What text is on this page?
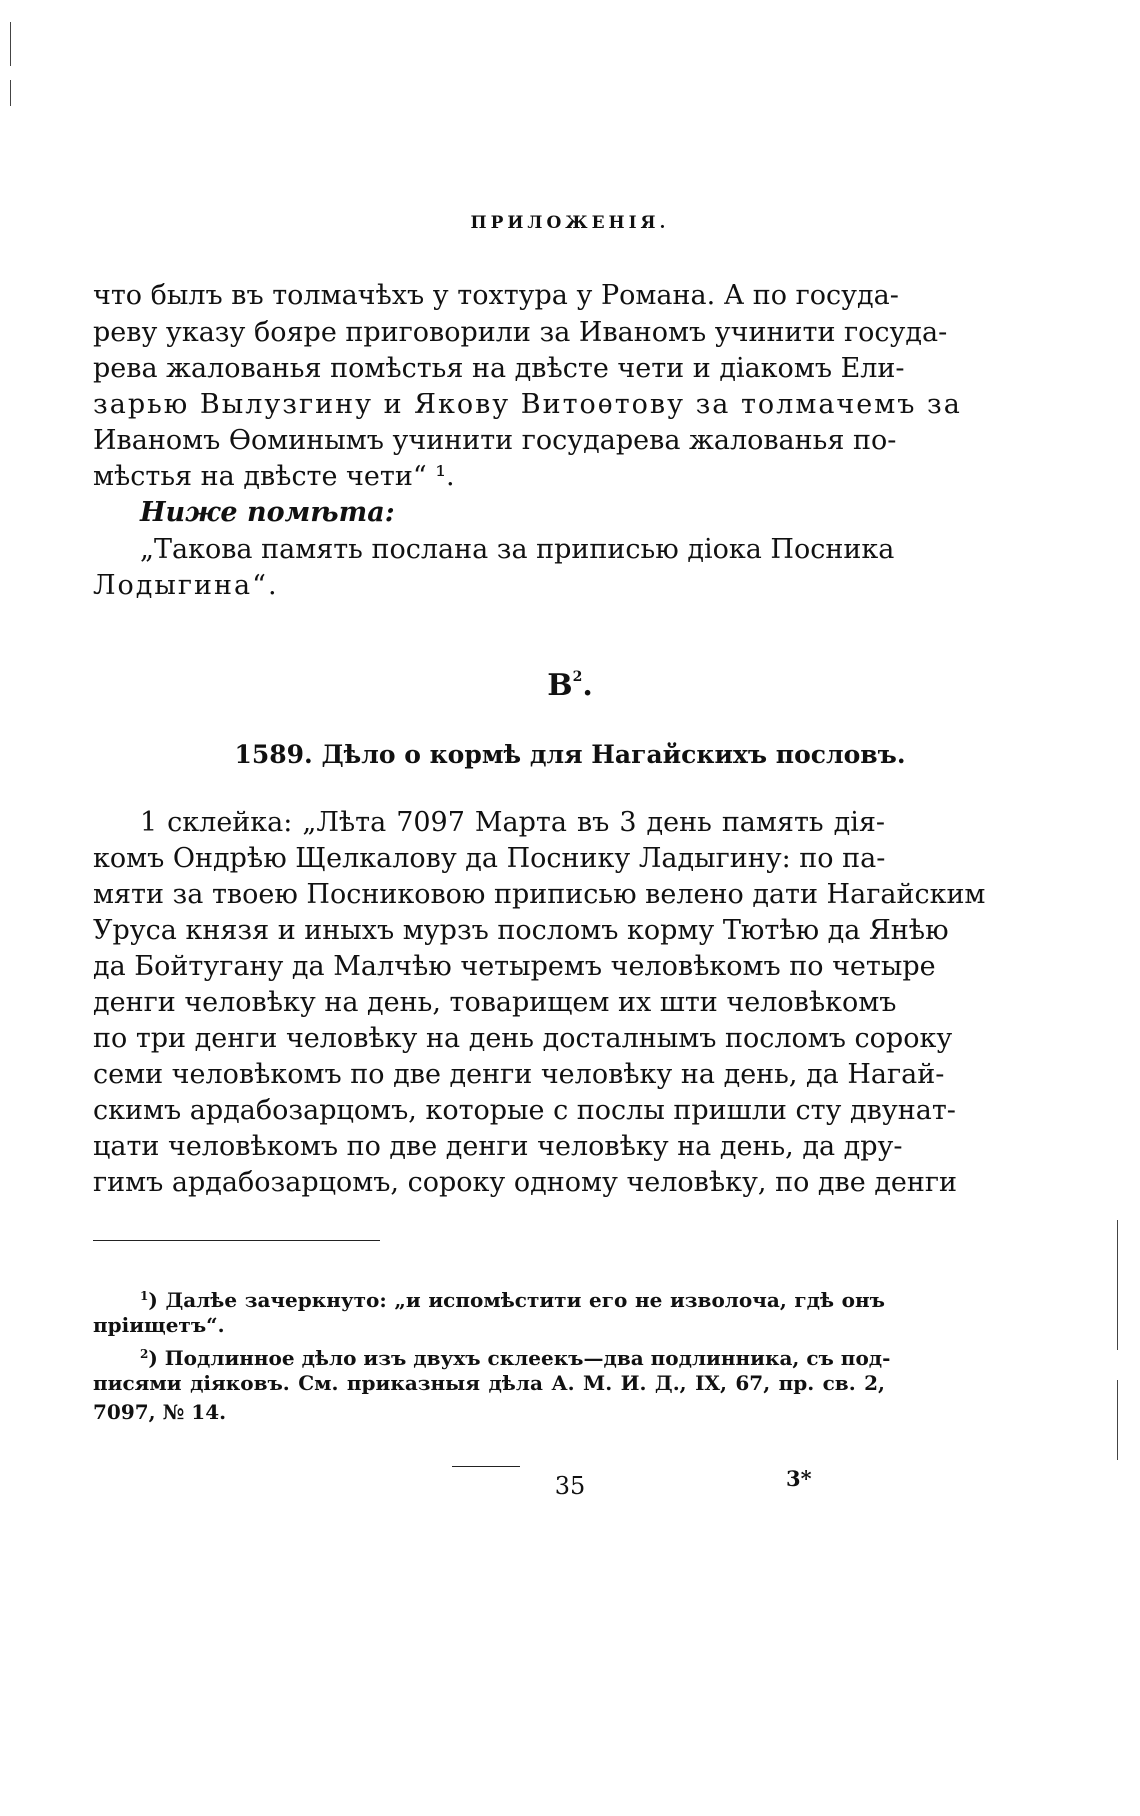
ПРИЛОЖЕНІЯ.
что былъ въ толмачѣхъ у тохтура у Романа. А по госуда-
реву указу бояре приговорили за Иваномъ учинити госуда-
рева жалованья помѣстья на двѣсте чети и діакомъ Ели-
зарью Вылузгину и Якову Витоѳтову за толмачемъ за
Иваномъ Ѳоминымъ учинити государева жалованья по-
мѣстья на двѣсте чети“ ¹.
Ниже помѣта:
„Такова память послана за приписью діока Посника
Лодыгина“.
$В^2$.
1589. Дѣло о кормѣ для Нагайскихъ пословъ.
1 склейка: „Лѣта 7097 Марта въ 3 день память дія-
комъ Ондрѣю Щелкалову да Поснику Ладыгину: по па-
мяти за твоею Посниковою приписью велено дати Нагайским
Уруса князя и иныхъ мурзъ посломъ корму Тютѣю да Янѣю
да Бойтугану да Малчѣю четыремъ человѣкомъ по четыре
денги человѣку на день, товарищем их шти человѣкомъ
по три денги человѣку на день досталнымъ посломъ сороку
семи человѣкомъ по две денги человѣку на день, да Нагай-
скимъ ардабозарцомъ, которые с послы пришли сту двунат-
цати человѣкомъ по две денги человѣку на день, да дру-
гимъ ардабозарцомъ, сороку одному человѣку, по две денги
$^1$) Далѣе зачеркнуто: „и испомѣстити его не изволоча, гдѣ онъ
пріищетъ“.
$^2$) Подлинное дѣло изъ двухъ склеекъ—два подлинника, съ под-
писями діяковъ. См. приказныя дѣла А. М. И. Д., IX, 67, пр. св. 2,
7097, № 14.
3*
35
